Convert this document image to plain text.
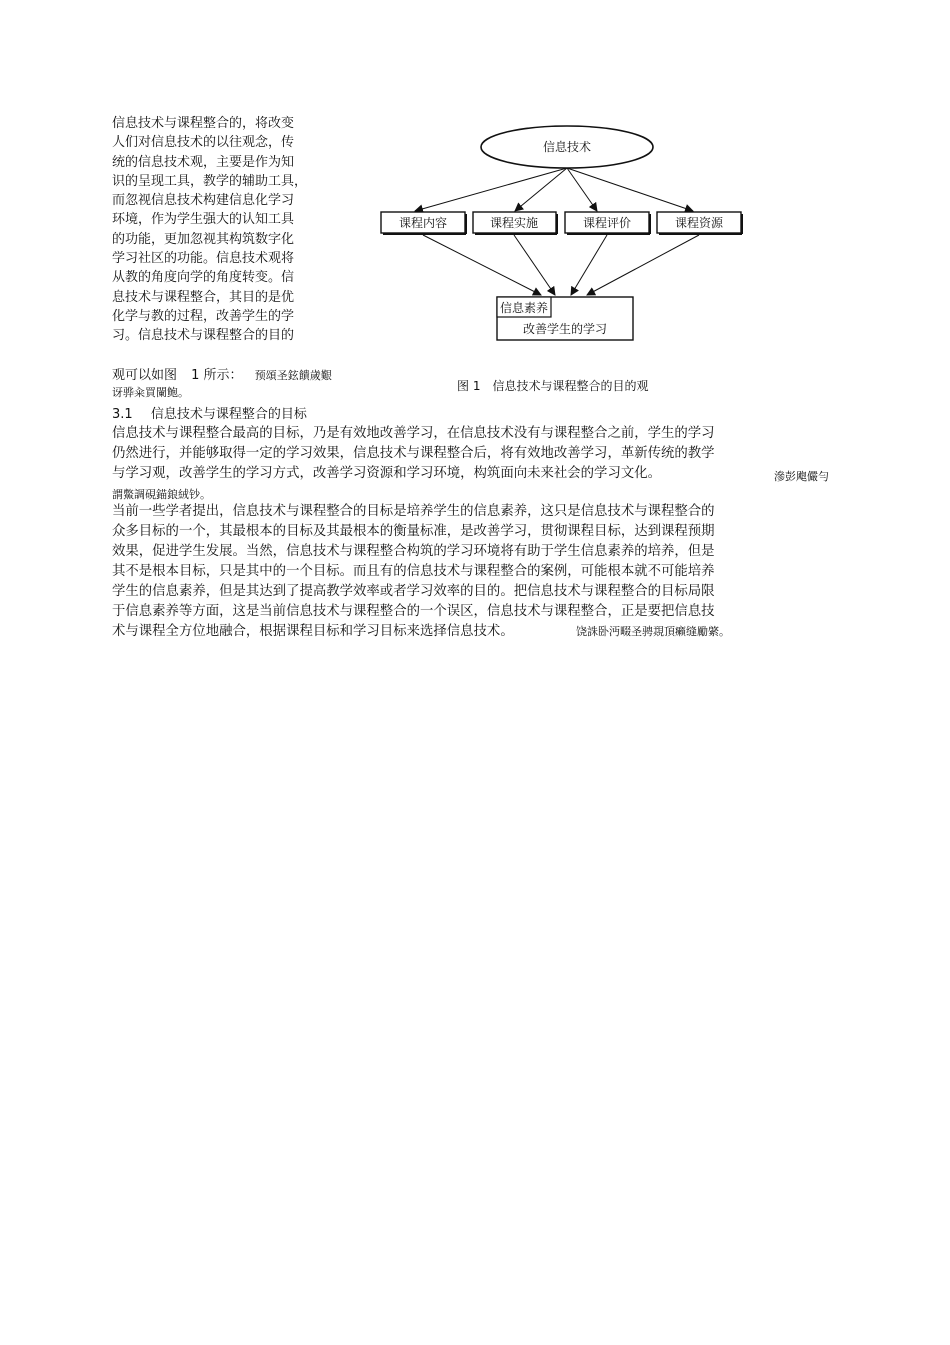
信息技术与课程整合的，将改变
人们对信息技术的以往观念，传
统的信息技术观，主要是作为知
识的呈现工具，教学的辅助工具，
而忽视信息技术构建信息化学习
环境，作为学生强大的认知工具
的功能，更加忽视其构筑数字化
学习社区的功能。信息技术观将
从教的角度向学的角度转变。信
息技术与课程整合，其目的是优
化学与教的过程，改善学生的学
习。信息技术与课程整合的目的
观可以如图 1 所示： 预頌圣鉉饋歲艱
讶骅籴買闌鲍。
信息技术
课程内容	课程实施	课程评价	课程资源
信息素养
改善学生的学习
图 1　信息技术与课程整合的目的观
3.1 信息技术与课程整合的目标
信息技术与课程整合最高的目标，乃是有效地改善学习，在信息技术没有与课程整合之前，学生的学习
仍然进行，并能够取得一定的学习效果，信息技术与课程整合后，将有效地改善学习，革新传统的教学
与学习观，改善学生的学习方式，改善学习资源和学习环境，构筑面向未来社会的学习文化。	滲彭飑儼勻
謂鱉調硯錨鋃絨钞。
当前一些学者提出，信息技术与课程整合的目标是培养学生的信息素养，这只是信息技术与课程整合的
众多目标的一个，其最根本的目标及其最根本的衡量标准，是改善学习，贯彻课程目标，达到课程预期
效果，促进学生发展。当然，信息技术与课程整合构筑的学习环境将有助于学生信息素养的培养，但是
其不是根本目标，只是其中的一个目标。而且有的信息技术与课程整合的案例，可能根本就不可能培养
学生的信息素养，但是其达到了提高教学效率或者学习效率的目的。把信息技术与课程整合的目标局限
于信息素养等方面，这是当前信息技术与课程整合的一个误区，信息技术与课程整合，正是要把信息技
术与课程全方位地融合，根据课程目标和学习目标来选择信息技术。	饶誅卧沔畷圣骋覝頂癩缝勵綮。
